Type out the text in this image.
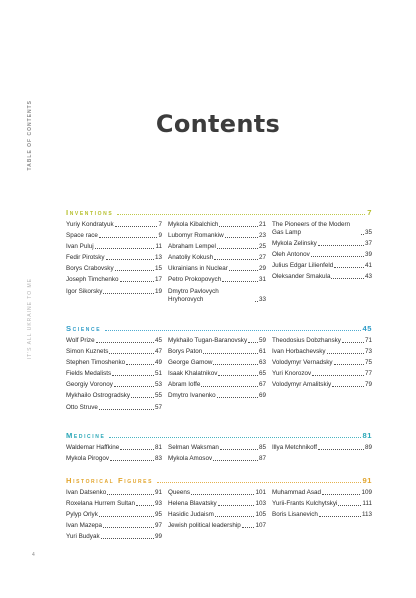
TABLE OF CONTENTS
IT'S ALL UKRAINE TO ME
Contents
Inventions	7
Yuriy Kondratyuk	7
Space race	9
Ivan Puluj	11
Fedir Pirotsky	13
Borys Crabovsky	15
Joseph Timchenko	17
Igor Sikorsky	19
Mykola Kibalchich	21
Lubomyr Romankiw	23
Abraham Lempel	25
Anatoliy Kokush	27
Ukrainians in Nuclear	29
Petro Prokopovych	31
Dmytro Pavlovych Hryhorovych	33
The Pioneers of the Modern Gas Lamp	35
Mykola Zelinsky	37
Oleh Antonov	39
Julius Edgar Lilienfeld	41
Oleksander Smakula	43
Science	45
Wolf Prize	45
Simon Kuznets	47
Stephen Timoshenko	49
Fields Medalists	51
Georgiy Voronoy	53
Mykhailo Ostrogradsky	55
Otto Struve	57
Mykhailo Tugan-Baranovsky 59
Borys Paton	61
George Gamow	63
Isaak Khalatnikov	65
Abram Ioffe	67
Dmytro Ivanenko	69
Theodosius Dobzhansky	71
Ivan Horbachevsky	73
Volodymyr Vernadsky	75
Yuri Knorozov	77
Volodymyr Amalitskiy	79
Medicine	81
Waldemar Haffkine	81
Mykola Pirogov	83
Selman Waksman	85
Mykola Amosov	87
Illya Metchnikoff	89
Historical Figures	91
Ivan Datsenko	91
Roxelana Hurrem Sultan	93
Pylyp Orlyk	95
Ivan Mazepa	97
Yuri Budyak	99
Queens	101
Helena Blavatsky	103
Hasidic Judaism	105
Jewish political leadership 107
Muhammad Asad	109
Yurii-Frants Kulchytskyi	111
Boris Lisanevich	113
4
